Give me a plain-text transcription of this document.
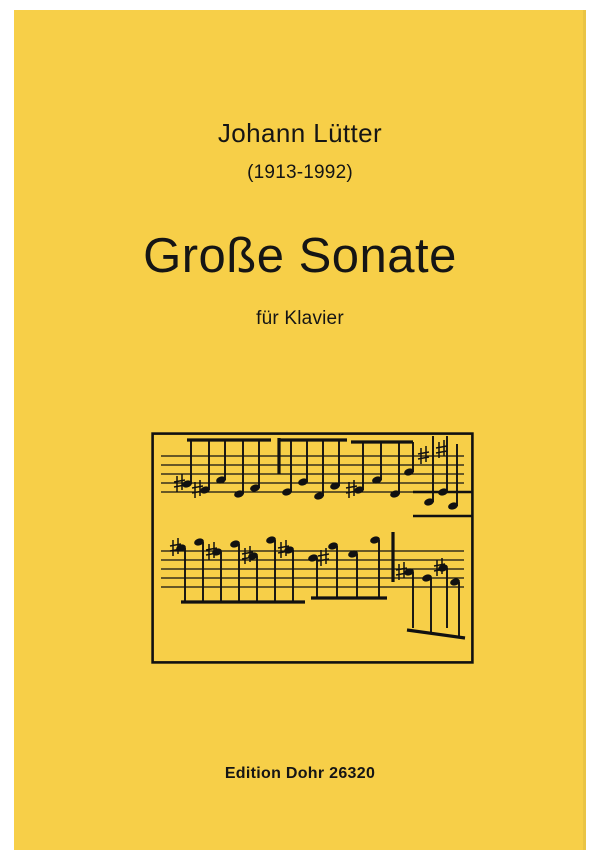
Johann Lütter
(1913-1992)
Große Sonate
für Klavier
Edition Dohr 26320
